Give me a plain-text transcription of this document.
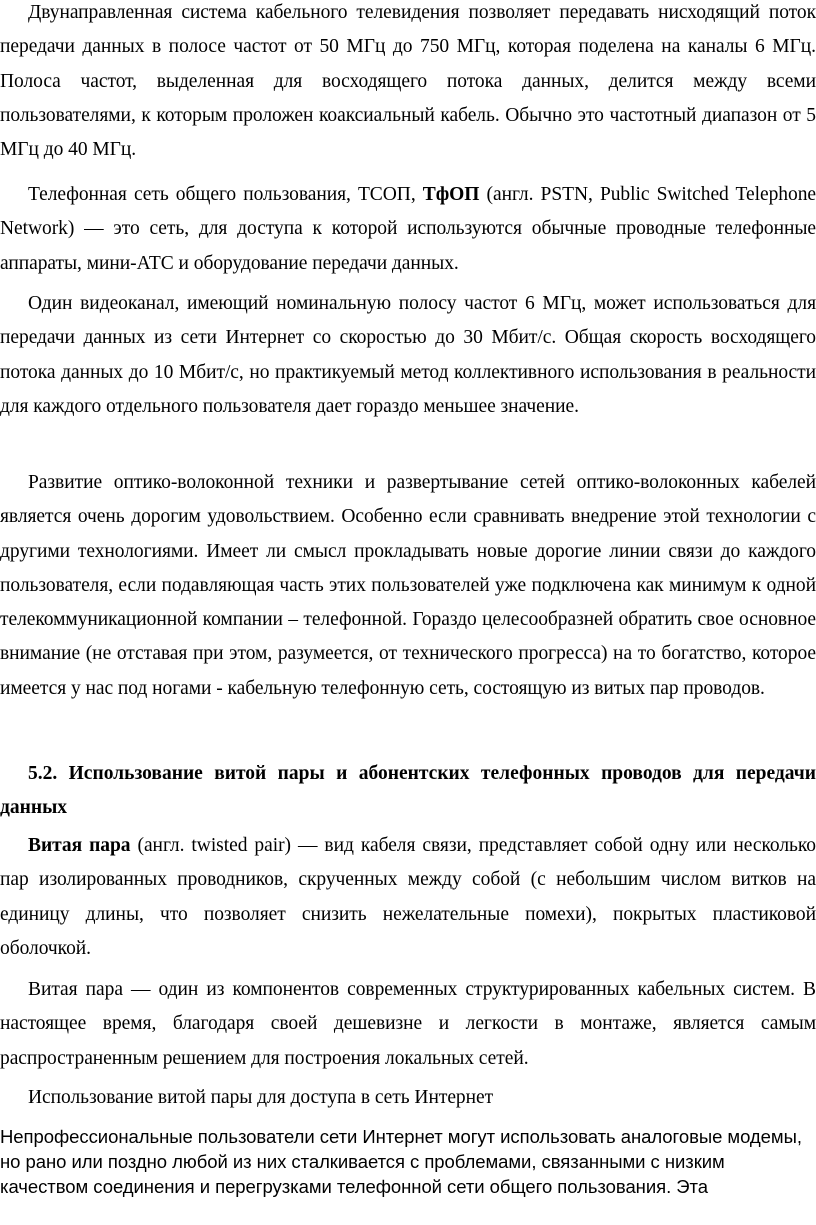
Двунаправленная система кабельного телевидения позволяет передавать нисходящий поток передачи данных в полосе частот от 50 МГц до 750 МГц, которая поделена на каналы 6 МГц. Полоса частот, выделенная для восходящего потока данных, делится между всеми пользователями, к которым проложен коаксиальный кабель. Обычно это частотный диапазон от 5 МГц до 40 МГц.

Телефонная сеть общего пользования, ТСОП, ТфОП (англ. PSTN, Public Switched Telephone Network) — это сеть, для доступа к которой используются обычные проводные телефонные аппараты, мини-АТС и оборудование передачи данных.

Один видеоканал, имеющий номинальную полосу частот 6 МГц, может использоваться для передачи данных из сети Интернет со скоростью до 30 Мбит/с. Общая скорость восходящего потока данных до 10 Мбит/с, но практикуемый метод коллективного использования в реальности для каждого отдельного пользователя дает гораздо меньшее значение.

Развитие оптико-волоконной техники и развертывание сетей оптико-волоконных кабелей является очень дорогим удовольствием. Особенно если сравнивать внедрение этой технологии с другими технологиями. Имеет ли смысл прокладывать новые дорогие линии связи до каждого пользователя, если подавляющая часть этих пользователей уже подключена как минимум к одной телекоммуникационной компании – телефонной. Гораздо целесообразней обратить свое основное внимание (не отставая при этом, разумеется, от технического прогресса) на то богатство, которое имеется у нас под ногами - кабельную телефонную сеть, состоящую из витых пар проводов.

5.2. Использование витой пары и абонентских телефонных проводов для передачи данных

Витая пара (англ. twisted pair) — вид кабеля связи, представляет собой одну или несколько пар изолированных проводников, скрученных между собой (с небольшим числом витков на единицу длины, что позволяет снизить нежелательные помехи), покрытых пластиковой оболочкой.

Витая пара — один из компонентов современных структурированных кабельных систем. В настоящее время, благодаря своей дешевизне и легкости в монтаже, является самым распространенным решением для построения локальных сетей.

Использование витой пары для доступа в сеть Интернет

Непрофессиональные пользователи сети Интернет могут использовать аналоговые модемы, но рано или поздно любой из них сталкивается с проблемами, связанными с низким качеством соединения и перегрузками телефонной сети общего пользования. Эта
